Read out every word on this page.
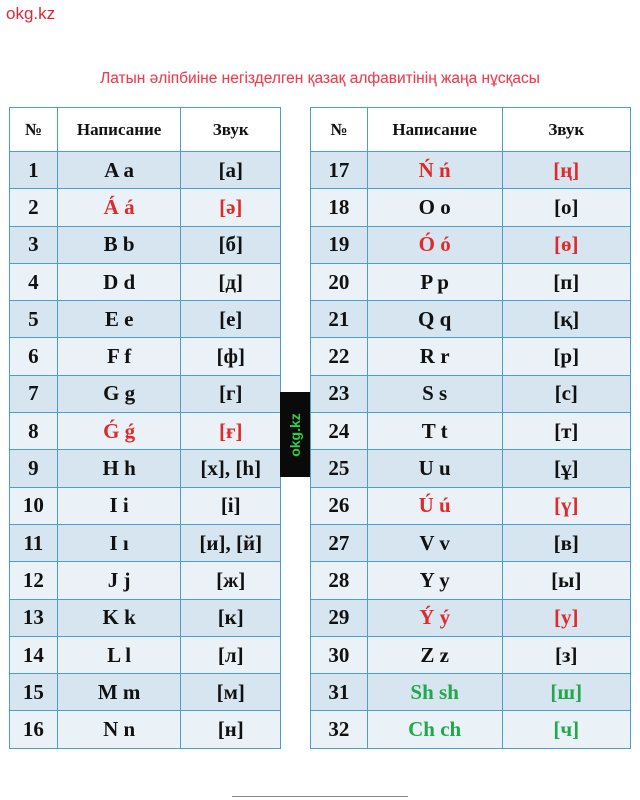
okg.kz
Латын әліпбиіне негізделген қазақ алфавитінің жаңа нұсқасы
№	Написание	Звук
1	A a	[а]
2	Á á	[ә]
3	B b	[б]
4	D d	[д]
5	E e	[е]
6	F f	[ф]
7	G g	[г]
8	Ǵ ǵ	[ғ]
9	H h	[х], [h]
10	I i	[і]
11	I ı	[и], [й]
12	J j	[ж]
13	K k	[к]
14	L l	[л]
15	M m	[м]
16	N n	[н]
okg.kz
№	Написание	Звук
17	Ń ń	[ң]
18	O o	[о]
19	Ó ó	[ө]
20	P p	[п]
21	Q q	[қ]
22	R r	[р]
23	S s	[с]
24	T t	[т]
25	U u	[ұ]
26	Ú ú	[ү]
27	V v	[в]
28	Y y	[ы]
29	Ý ý	[у]
30	Z z	[з]
31	Sh sh	[ш]
32	Ch ch	[ч]
